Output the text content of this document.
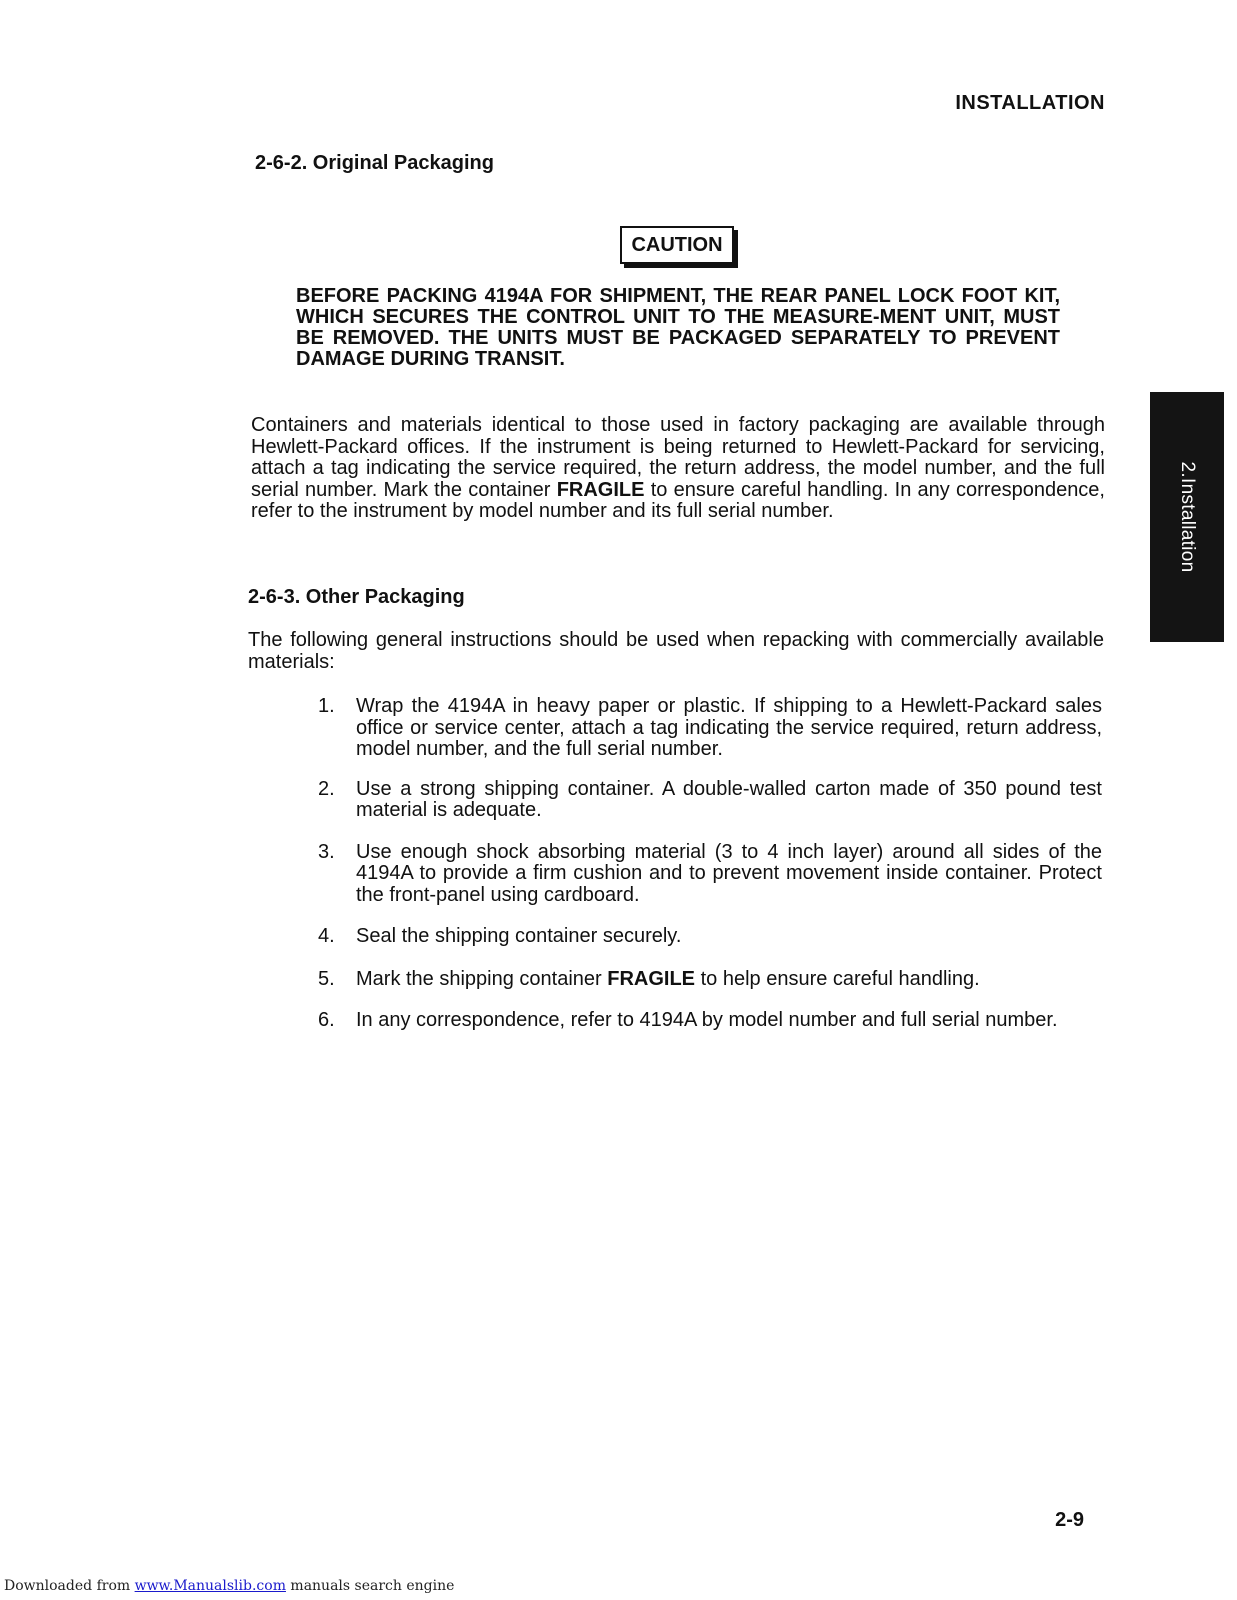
INSTALLATION
2-6-2. Original Packaging
CAUTION
BEFORE PACKING 4194A FOR SHIPMENT, THE REAR PANEL LOCK FOOT KIT, WHICH SECURES THE CONTROL UNIT TO THE MEASURE-MENT UNIT, MUST BE REMOVED. THE UNITS MUST BE PACKAGED SEPARATELY TO PREVENT DAMAGE DURING TRANSIT.
Containers and materials identical to those used in factory packaging are available through Hewlett-Packard offices. If the instrument is being returned to Hewlett-Packard for servicing, attach a tag indicating the service required, the return address, the model number, and the full serial number. Mark the container FRAGILE to ensure careful handling. In any correspondence, refer to the instrument by model number and its full serial number.
2-6-3. Other Packaging
The following general instructions should be used when repacking with commercially available materials:
1. Wrap the 4194A in heavy paper or plastic. If shipping to a Hewlett-Packard sales office or service center, attach a tag indicating the service required, return address, model number, and the full serial number.
2. Use a strong shipping container. A double-walled carton made of 350 pound test material is adequate.
3. Use enough shock absorbing material (3 to 4 inch layer) around all sides of the 4194A to provide a firm cushion and to prevent movement inside container. Protect the front-panel using cardboard.
4. Seal the shipping container securely.
5. Mark the shipping container FRAGILE to help ensure careful handling.
6. In any correspondence, refer to 4194A by model number and full serial number.
2.Installation
2-9
Downloaded from www.Manualslib.com manuals search engine
